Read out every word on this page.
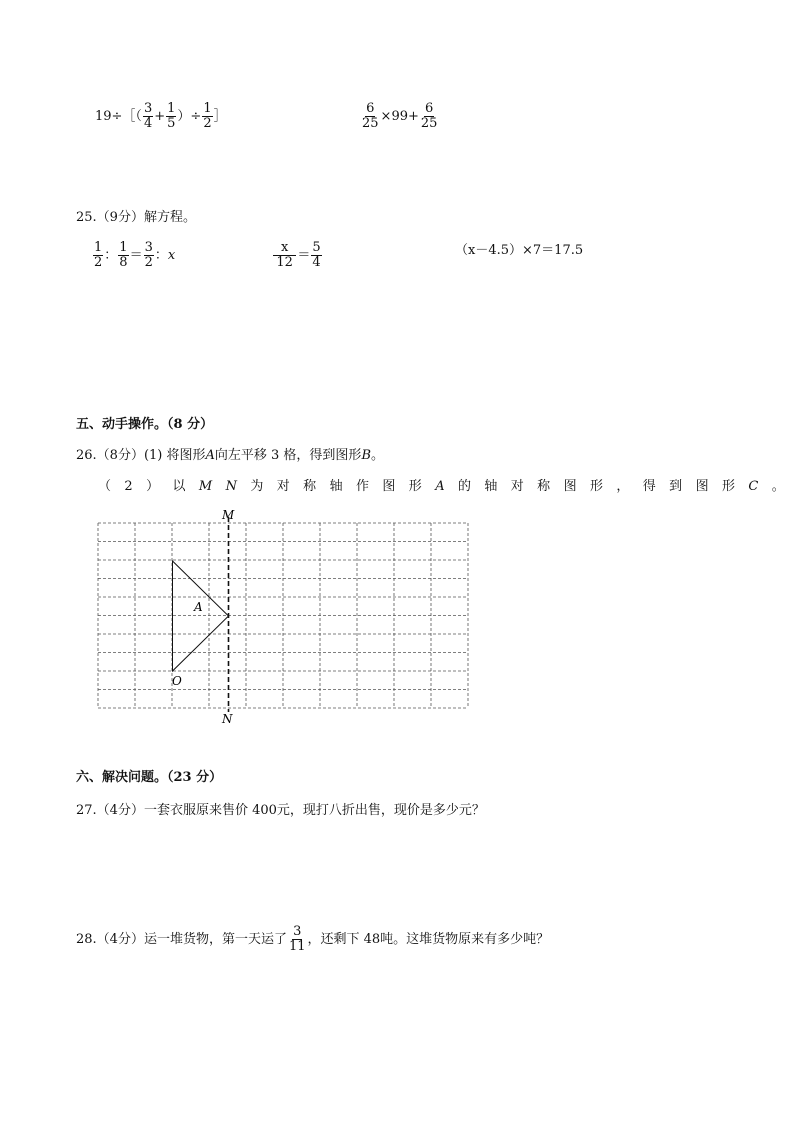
19÷［（ $\frac{3}{4} + \frac{1}{5}$ ）÷ $\frac{1}{2}$ ］	$\frac{6}{25} \times 99+ \frac{6}{25}$
25.（9分）解方程。
$\frac{1}{2}$ ： $\frac{1}{8} = \frac{3}{2}$ ：x	$\frac{x}{12} = \frac{5}{4}$	（x－4.5）×7＝17.5
五、动手操作。（8 分）
26.（8分）(1) 将图形A向左平移 3 格，得到图形B。
（2）以MN为对称轴作图形A的轴对称图形，得到图形C。
M
N
A
O
六、解决问题。（23 分）
27.（4分）一套衣服原来售价 400元，现打八折出售，现价是多少元？
28.（4分）运一堆货物，第一天运了 $\frac{3}{11}$ ，还剩下 48吨。这堆货物原来有多少吨？
